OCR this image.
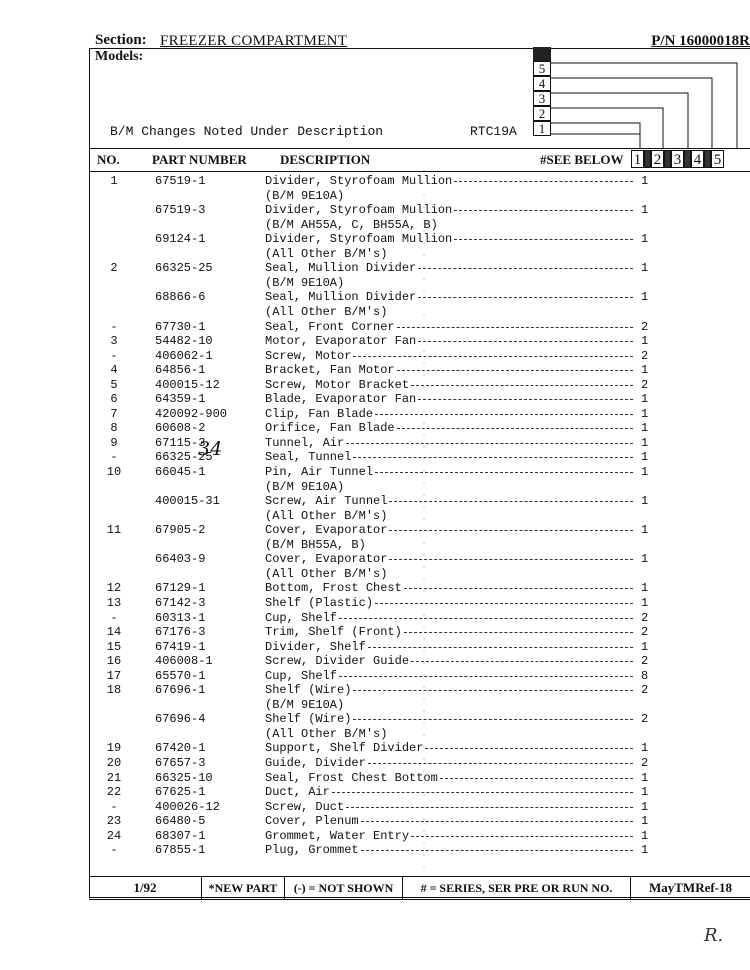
Section: FREEZER COMPARTMENT	P/N 16000018R
Models:
B/M Changes Noted Under Description	RTC19A
5
4
3
2
1
NO. PART NUMBER	DESCRIPTION	#SEE BELOW 1 2 3 4 5
1	67519-1	Divider, Styrofoam Mullion	1
(B/M 9E10A)
67519-3	Divider, Styrofoam Mullion	1
(B/M AH55A, C, BH55A, B)
69124-1	Divider, Styrofoam Mullion	1
(All Other B/M's)
2	66325-25	Seal, Mullion Divider	1
(B/M 9E10A)
68866-6	Seal, Mullion Divider	1
(All Other B/M's)
-	67730-1	Seal, Front Corner	2
3	54482-10	Motor, Evaporator Fan	1
-	406062-1	Screw, Motor	2
4	64856-1	Bracket, Fan Motor	1
5	400015-12	Screw, Motor Bracket	2
6	64359-1	Blade, Evaporator Fan	1
7	420092-900	Clip, Fan Blade	1
8	60608-2	Orifice, Fan Blade	1
9	67115-3	Tunnel, Air	1
-	66325-25	Seal, Tunnel	1
10	66045-1	Pin, Air Tunnel	1
(B/M 9E10A)
400015-31	Screw, Air Tunnel	1
(All Other B/M's)
11	67905-2	Cover, Evaporator	1
(B/M BH55A, B)
66403-9	Cover, Evaporator	1
(All Other B/M's)
12	67129-1	Bottom, Frost Chest	1
13	67142-3	Shelf (Plastic)	1
-	60313-1	Cup, Shelf	2
14	67176-3	Trim, Shelf (Front)	2
15	67419-1	Divider, Shelf	1
16	406008-1	Screw, Divider Guide	2
17	65570-1	Cup, Shelf	8
18	67696-1	Shelf (Wire)	2
(B/M 9E10A)
67696-4	Shelf (Wire)	2
(All Other B/M's)
19	67420-1	Support, Shelf Divider	1
20	67657-3	Guide, Divider	2
21	66325-10	Seal, Frost Chest Bottom	1
22	67625-1	Duct, Air	1
-	400026-12	Screw, Duct	1
23	66480-5	Cover, Plenum	1
24	68307-1	Grommet, Water Entry	1
-	67855-1	Plug, Grommet	1
34
1/92	*NEW PART	(-) = NOT SHOWN	# = SERIES, SER PRE OR RUN NO.	MayTMRef-18
R.
